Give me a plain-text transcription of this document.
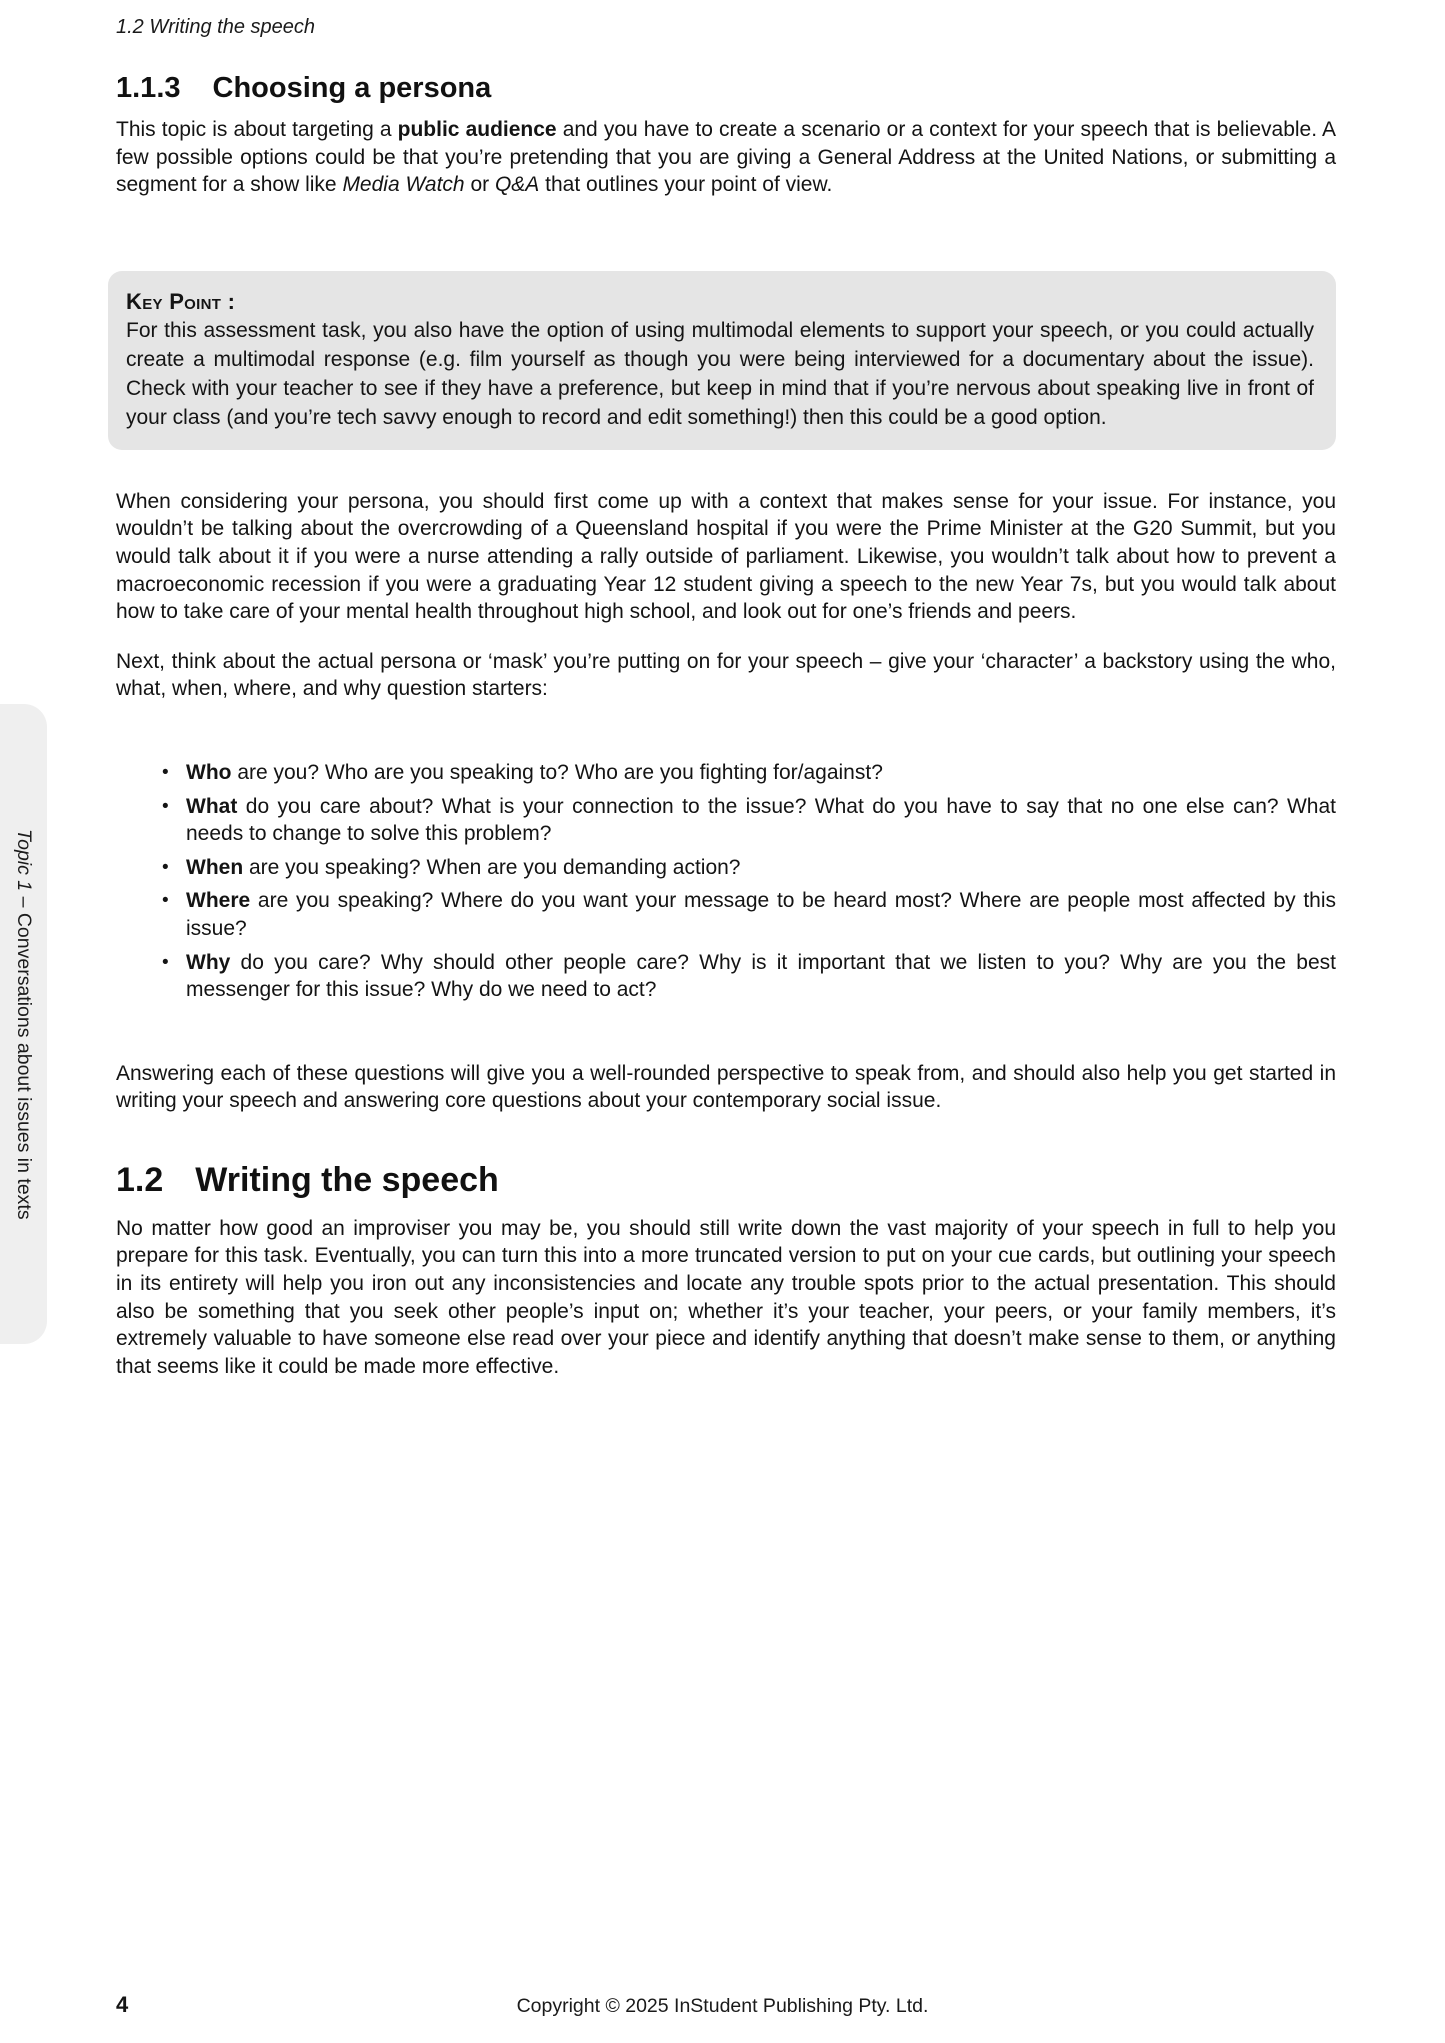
1.2 Writing the speech
Topic 1 – Conversations about issues in texts
1.1.3 Choosing a persona

This topic is about targeting a public audience and you have to create a scenario or a context for your speech that is believable. A few possible options could be that you’re pretending that you are giving a General Address at the United Nations, or submitting a segment for a show like Media Watch or Q&A that outlines your point of view.

Key Point :

For this assessment task, you also have the option of using multimodal elements to support your speech, or you could actually create a multimodal response (e.g. film yourself as though you were being interviewed for a documentary about the issue). Check with your teacher to see if they have a preference, but keep in mind that if you’re nervous about speaking live in front of your class (and you’re tech savvy enough to record and edit something!) then this could be a good option.

When considering your persona, you should first come up with a context that makes sense for your issue. For instance, you wouldn’t be talking about the overcrowding of a Queensland hospital if you were the Prime Minister at the G20 Summit, but you would talk about it if you were a nurse attending a rally outside of parliament. Likewise, you wouldn’t talk about how to prevent a macroeconomic recession if you were a graduating Year 12 student giving a speech to the new Year 7s, but you would talk about how to take care of your mental health throughout high school, and look out for one’s friends and peers.

Next, think about the actual persona or ‘mask’ you’re putting on for your speech – give your ‘character’ a backstory using the who, what, when, where, and why question starters:

• Who are you? Who are you speaking to? Who are you fighting for/against?
• What do you care about? What is your connection to the issue? What do you have to say that no one else can? What needs to change to solve this problem?
• When are you speaking? When are you demanding action?
• Where are you speaking? Where do you want your message to be heard most? Where are people most affected by this issue?
• Why do you care? Why should other people care? Why is it important that we listen to you? Why are you the best messenger for this issue? Why do we need to act?

Answering each of these questions will give you a well-rounded perspective to speak from, and should also help you get started in writing your speech and answering core questions about your contemporary social issue.

1.2 Writing the speech

No matter how good an improviser you may be, you should still write down the vast majority of your speech in full to help you prepare for this task. Eventually, you can turn this into a more truncated version to put on your cue cards, but outlining your speech in its entirety will help you iron out any inconsistencies and locate any trouble spots prior to the actual presentation. This should also be something that you seek other people’s input on; whether it’s your teacher, your peers, or your family members, it’s extremely valuable to have someone else read over your piece and identify anything that doesn’t make sense to them, or anything that seems like it could be made more effective.

4	Copyright © 2025 InStudent Publishing Pty. Ltd.
